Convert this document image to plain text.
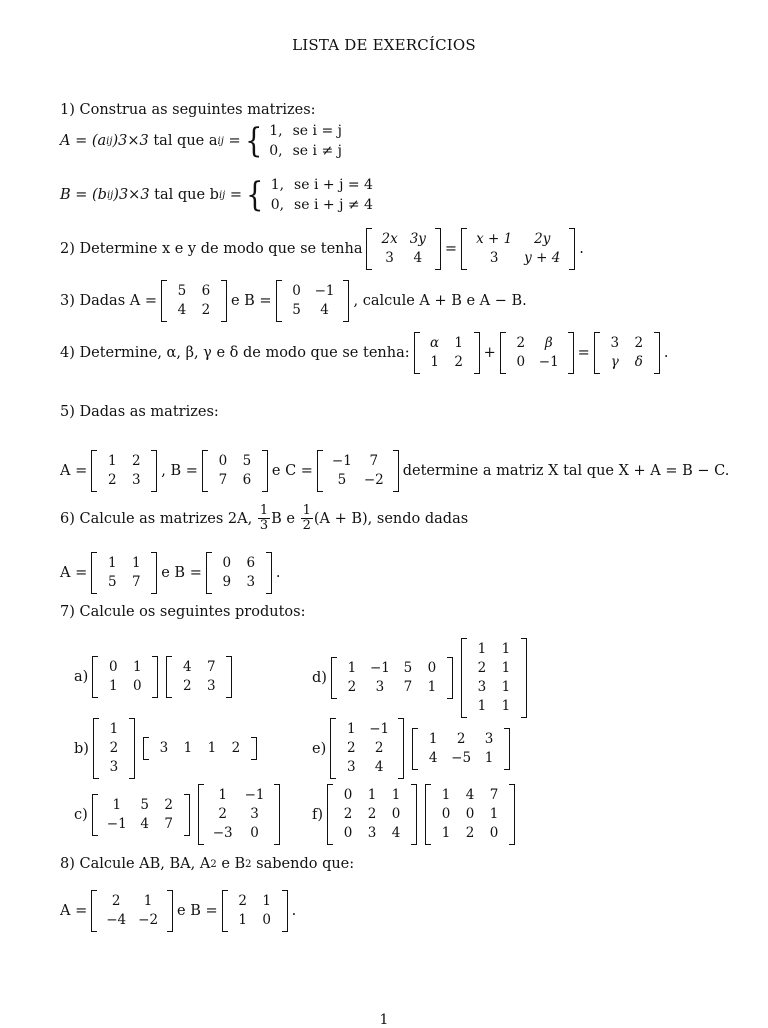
LISTA DE EXERCÍCIOS
1) Construa as seguintes matrizes:
A = (a ij )3×3
tal que a ij
= { 1,	se i = j
0,	se i ≠ j
B = (b ij )3×3
tal que b ij
= { 1,	se i + j = 4
0,	se i + j ≠ 4
2) Determine x e y de modo que se tenha
2x	3y
3	4
=
x + 1	2y
3	y + 4
.
3) Dadas A =
5	6
4	2
e B =
0	−1
5	4
, calcule A + B e A − B.
4) Determine, α, β, γ e δ de modo que se tenha:
α	1
1	2
+
2	β
0	−1
=
3	2
γ	δ
.
5) Dadas as matrizes:
A =
1	2
2	3
, B =
0	5
7	6
e C =
−1	7
5	−2
determine a matriz X tal que X + A = B − C.
6) Calcule as matrizes 2A,
$\frac{1}{3}$ B e
$\frac{1}{2} (A + B)$, sendo dadas
A =
1	1
5	7
e B =
0	6
9	3
.
7) Calcule os seguintes produtos:
a)
0	1
1	0
4	7
2	3	d)
1	−1	5	0
2	3	7	1
1	1
2	1
3	1
1	1
b)
1
2
3
3	1	1	2	e)
1	−1
2	2
3	4
1	2	3
4	−5	1
c)
1	5	2
−1	4	7
1	−1
2	3
−3	0
f)
0	1	1
2	2	0
0	3	4
1	4	7
0	0	1
1	2	0
8) Calcule AB, BA, A 2
e B 2
sabendo que:
A =
2	1
−4	−2
e B =
2	1
1	0
.
1
